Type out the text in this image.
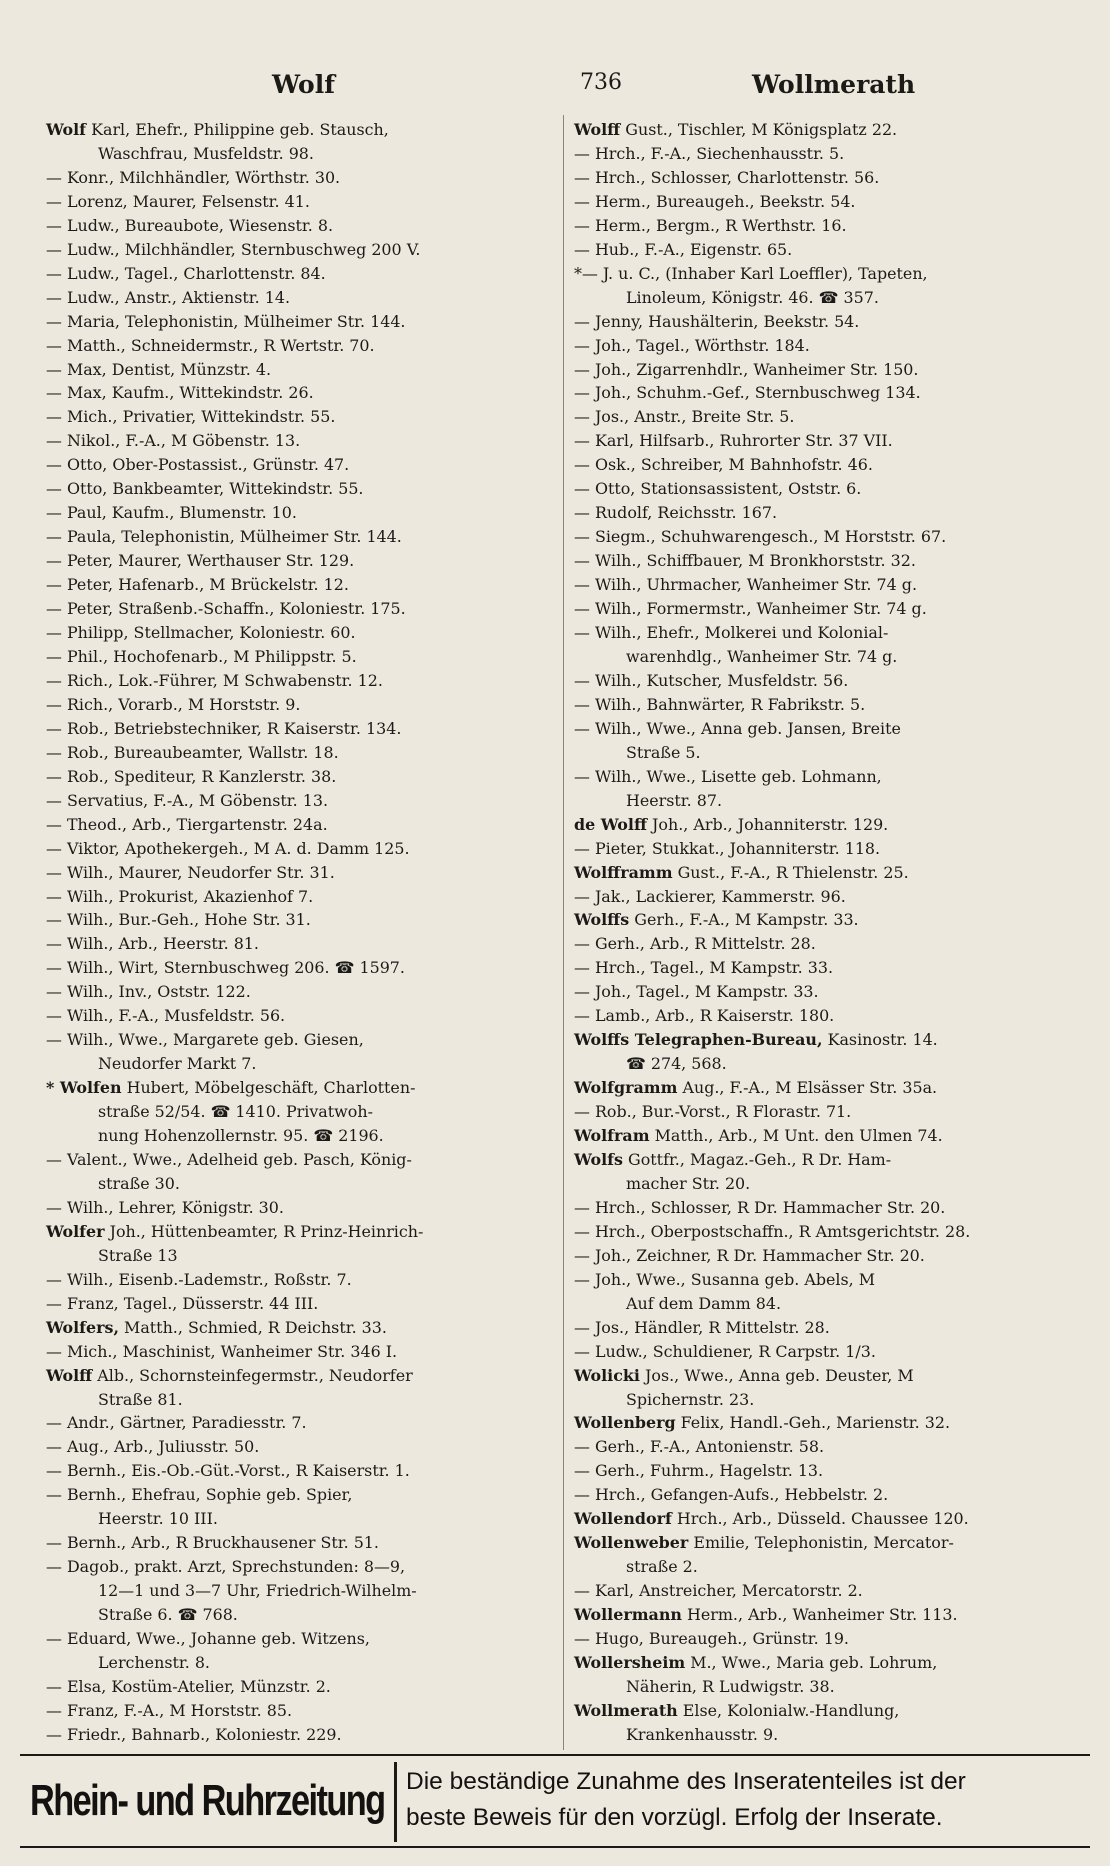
Wolf	736	Wollmerath
Wolf Karl, Ehefr., Philippine geb. Stausch,
Waschfrau, Musfeldstr. 98.
— Konr., Milchhändler, Wörthstr. 30.
— Lorenz, Maurer, Felsenstr. 41.
— Ludw., Bureaubote, Wiesenstr. 8.
— Ludw., Milchhändler, Sternbuschweg 200 V.
— Ludw., Tagel., Charlottenstr. 84.
— Ludw., Anstr., Aktienstr. 14.
— Maria, Telephonistin, Mülheimer Str. 144.
— Matth., Schneidermstr., R Wertstr. 70.
— Max, Dentist, Münzstr. 4.
— Max, Kaufm., Wittekindstr. 26.
— Mich., Privatier, Wittekindstr. 55.
— Nikol., F.-A., M Göbenstr. 13.
— Otto, Ober-Postassist., Grünstr. 47.
— Otto, Bankbeamter, Wittekindstr. 55.
— Paul, Kaufm., Blumenstr. 10.
— Paula, Telephonistin, Mülheimer Str. 144.
— Peter, Maurer, Werthauser Str. 129.
— Peter, Hafenarb., M Brückelstr. 12.
— Peter, Straßenb.-Schaffn., Koloniestr. 175.
— Philipp, Stellmacher, Koloniestr. 60.
— Phil., Hochofenarb., M Philippstr. 5.
— Rich., Lok.-Führer, M Schwabenstr. 12.
— Rich., Vorarb., M Horststr. 9.
— Rob., Betriebstechniker, R Kaiserstr. 134.
— Rob., Bureaubeamter, Wallstr. 18.
— Rob., Spediteur, R Kanzlerstr. 38.
— Servatius, F.-A., M Göbenstr. 13.
— Theod., Arb., Tiergartenstr. 24a.
— Viktor, Apothekergeh., M A. d. Damm 125.
— Wilh., Maurer, Neudorfer Str. 31.
— Wilh., Prokurist, Akazienhof 7.
— Wilh., Bur.-Geh., Hohe Str. 31.
— Wilh., Arb., Heerstr. 81.
— Wilh., Wirt, Sternbuschweg 206. ☎ 1597.
— Wilh., Inv., Oststr. 122.
— Wilh., F.-A., Musfeldstr. 56.
— Wilh., Wwe., Margarete geb. Giesen,
Neudorfer Markt 7.
* Wolfen Hubert, Möbelgeschäft, Charlotten-
straße 52/54. ☎ 1410. Privatwoh-
nung Hohenzollernstr. 95. ☎ 2196.
— Valent., Wwe., Adelheid geb. Pasch, König-
straße 30.
— Wilh., Lehrer, Königstr. 30.
Wolfer Joh., Hüttenbeamter, R Prinz-Heinrich-
Straße 13
— Wilh., Eisenb.-Lademstr., Roßstr. 7.
— Franz, Tagel., Düsserstr. 44 III.
Wolfers, Matth., Schmied, R Deichstr. 33.
— Mich., Maschinist, Wanheimer Str. 346 I.
Wolff Alb., Schornsteinfegermstr., Neudorfer
Straße 81.
— Andr., Gärtner, Paradiesstr. 7.
— Aug., Arb., Juliusstr. 50.
— Bernh., Eis.-Ob.-Güt.-Vorst., R Kaiserstr. 1.
— Bernh., Ehefrau, Sophie geb. Spier,
Heerstr. 10 III.
— Bernh., Arb., R Bruckhausener Str. 51.
— Dagob., prakt. Arzt, Sprechstunden: 8—9,
12—1 und 3—7 Uhr, Friedrich-Wilhelm-
Straße 6. ☎ 768.
— Eduard, Wwe., Johanne geb. Witzens,
Lerchenstr. 8.
— Elsa, Kostüm-Atelier, Münzstr. 2.
— Franz, F.-A., M Horststr. 85.
— Friedr., Bahnarb., Koloniestr. 229.
Wolff Gust., Tischler, M Königsplatz 22.
— Hrch., F.-A., Siechenhausstr. 5.
— Hrch., Schlosser, Charlottenstr. 56.
— Herm., Bureaugeh., Beekstr. 54.
— Herm., Bergm., R Werthstr. 16.
— Hub., F.-A., Eigenstr. 65.
*— J. u. C., (Inhaber Karl Loeffler), Tapeten,
Linoleum, Königstr. 46. ☎ 357.
— Jenny, Haushälterin, Beekstr. 54.
— Joh., Tagel., Wörthstr. 184.
— Joh., Zigarrenhdlr., Wanheimer Str. 150.
— Joh., Schuhm.-Gef., Sternbuschweg 134.
— Jos., Anstr., Breite Str. 5.
— Karl, Hilfsarb., Ruhrorter Str. 37 VII.
— Osk., Schreiber, M Bahnhofstr. 46.
— Otto, Stationsassistent, Oststr. 6.
— Rudolf, Reichsstr. 167.
— Siegm., Schuhwarengesch., M Horststr. 67.
— Wilh., Schiffbauer, M Bronkhorststr. 32.
— Wilh., Uhrmacher, Wanheimer Str. 74 g.
— Wilh., Formermstr., Wanheimer Str. 74 g.
— Wilh., Ehefr., Molkerei und Kolonial-
warenhdlg., Wanheimer Str. 74 g.
— Wilh., Kutscher, Musfeldstr. 56.
— Wilh., Bahnwärter, R Fabrikstr. 5.
— Wilh., Wwe., Anna geb. Jansen, Breite
Straße 5.
— Wilh., Wwe., Lisette geb. Lohmann,
Heerstr. 87.
de Wolff Joh., Arb., Johanniterstr. 129.
— Pieter, Stukkat., Johanniterstr. 118.
Wolfframm Gust., F.-A., R Thielenstr. 25.
— Jak., Lackierer, Kammerstr. 96.
Wolffs Gerh., F.-A., M Kampstr. 33.
— Gerh., Arb., R Mittelstr. 28.
— Hrch., Tagel., M Kampstr. 33.
— Joh., Tagel., M Kampstr. 33.
— Lamb., Arb., R Kaiserstr. 180.
Wolffs Telegraphen-Bureau, Kasinostr. 14.
☎ 274, 568.
Wolfgramm Aug., F.-A., M Elsässer Str. 35a.
— Rob., Bur.-Vorst., R Florastr. 71.
Wolfram Matth., Arb., M Unt. den Ulmen 74.
Wolfs Gottfr., Magaz.-Geh., R Dr. Ham-
macher Str. 20.
— Hrch., Schlosser, R Dr. Hammacher Str. 20.
— Hrch., Oberpostschaffn., R Amtsgerichtstr. 28.
— Joh., Zeichner, R Dr. Hammacher Str. 20.
— Joh., Wwe., Susanna geb. Abels, M
Auf dem Damm 84.
— Jos., Händler, R Mittelstr. 28.
— Ludw., Schuldiener, R Carpstr. 1/3.
Wolicki Jos., Wwe., Anna geb. Deuster, M
Spichernstr. 23.
Wollenberg Felix, Handl.-Geh., Marienstr. 32.
— Gerh., F.-A., Antonienstr. 58.
— Gerh., Fuhrm., Hagelstr. 13.
— Hrch., Gefangen-Aufs., Hebbelstr. 2.
Wollendorf Hrch., Arb., Düsseld. Chaussee 120.
Wollenweber Emilie, Telephonistin, Mercator-
straße 2.
— Karl, Anstreicher, Mercatorstr. 2.
Wollermann Herm., Arb., Wanheimer Str. 113.
— Hugo, Bureaugeh., Grünstr. 19.
Wollersheim M., Wwe., Maria geb. Lohrum,
Näherin, R Ludwigstr. 38.
Wollmerath Else, Kolonialw.-Handlung,
Krankenhausstr. 9.
Rhein- und Ruhrzeitung Die beständige Zunahme des Inseratenteiles ist der
beste Beweis für den vorzügl. Erfolg der Inserate.
